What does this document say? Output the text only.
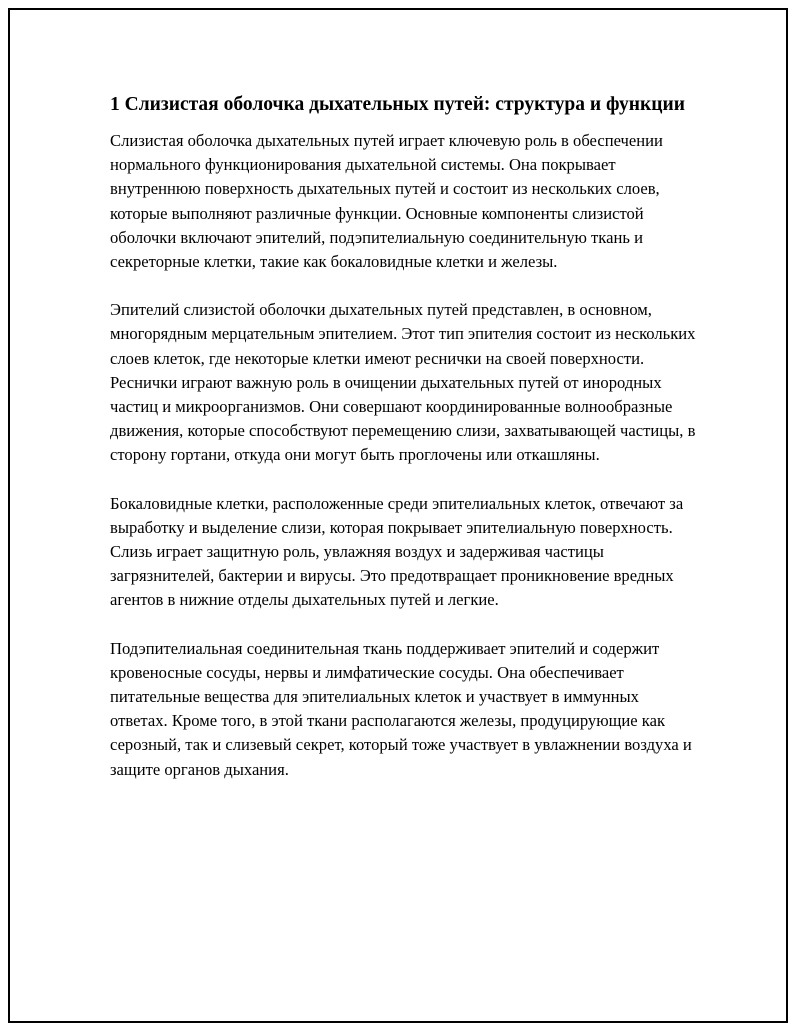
1 Слизистая оболочка дыхательных путей: структура и функции

Слизистая оболочка дыхательных путей играет ключевую роль в обеспечении нормального функционирования дыхательной системы. Она покрывает внутреннюю поверхность дыхательных путей и состоит из нескольких слоев, которые выполняют различные функции. Основные компоненты слизистой оболочки включают эпителий, подэпителиальную соединительную ткань и секреторные клетки, такие как бокаловидные клетки и железы.

Эпителий слизистой оболочки дыхательных путей представлен, в основном, многорядным мерцательным эпителием. Этот тип эпителия состоит из нескольких слоев клеток, где некоторые клетки имеют реснички на своей поверхности. Реснички играют важную роль в очищении дыхательных путей от инородных частиц и микроорганизмов. Они совершают координированные волнообразные движения, которые способствуют перемещению слизи, захватывающей частицы, в сторону гортани, откуда они могут быть проглочены или откашляны.

Бокаловидные клетки, расположенные среди эпителиальных клеток, отвечают за выработку и выделение слизи, которая покрывает эпителиальную поверхность. Слизь играет защитную роль, увлажняя воздух и задерживая частицы загрязнителей, бактерии и вирусы. Это предотвращает проникновение вредных агентов в нижние отделы дыхательных путей и легкие.

Подэпителиальная соединительная ткань поддерживает эпителий и содержит кровеносные сосуды, нервы и лимфатические сосуды. Она обеспечивает питательные вещества для эпителиальных клеток и участвует в иммунных ответах. Кроме того, в этой ткани располагаются железы, продуцирующие как серозный, так и слизевый секрет, который тоже участвует в увлажнении воздуха и защите органов дыхания.
